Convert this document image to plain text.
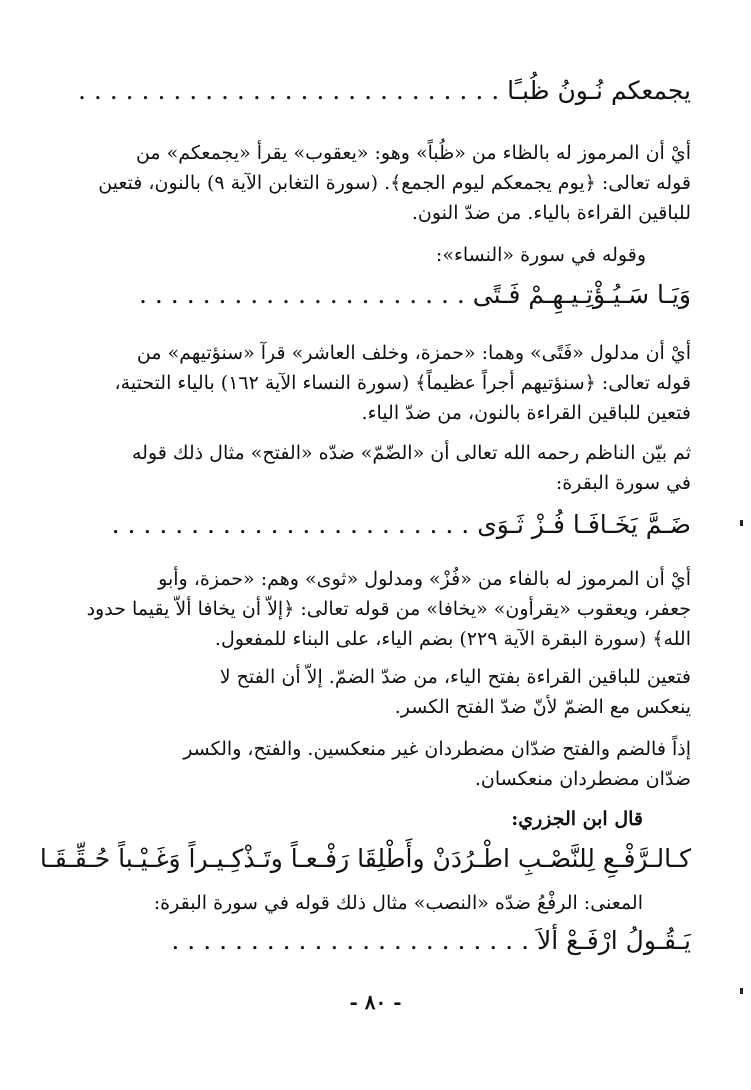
يجمعكم نُـونُ ظُبـًا . . . . . . . . . . . . . . . . . . . . . . . . . . .
أيْ أن المرموز له بالظاء من «ظُباً» وهو: «يعقوب» يقرأ «يجمعكم» من
قوله تعالى: ﴿يوم يجمعكم ليوم الجمع﴾. (سورة التغابن الآية ٩) بالنون، فتعين
للباقين القراءة بالياء. من ضدّ النون.
وقوله في سورة «النساء»:
وَيَـا سَـيُـؤْتِـيـهِـمْ فَـتًى . . . . . . . . . . . . . . . . . . . . .
أيْ أن مدلول «فَتًى» وهما: «حمزة، وخلف العاشر» قرآ «سنؤتيهم» من
قوله تعالى: ﴿سنؤتيهم أجراً عظيماً﴾ (سورة النساء الآية ١٦٢) بالياء التحتية،
فتعين للباقين القراءة بالنون، من ضدّ الياء.
ثم بيّن الناظم رحمه الله تعالى أن «الضّمّ» ضدّه «الفتح» مثال ذلك قوله
في سورة البقرة:
ضَـمَّ يَخَـافَـا فُـزْ ثَـوَى . . . . . . . . . . . . . . . . . . . . . . .
أيْ أن المرموز له بالفاء من «فُزْ» ومدلول «ثوى» وهم: «حمزة، وأبو
جعفر، ويعقوب «يقرأون» «يخافا» من قوله تعالى: ﴿إلاّ أن يخافا ألاّ يقيما حدود
الله﴾ (سورة البقرة الآية ٢٢٩) بضم الياء، على البناء للمفعول.
فتعين للباقين القراءة بفتح الياء، من ضدّ الضمّ. إلاّ أن الفتح لا
ينعكس مع الضمّ لأنّ ضدّ الفتح الكسر.
إذاً فالضم والفتح ضدّان مضطردان غير منعكسين. والفتح، والكسر
ضدّان مضطردان منعكسان.
قال ابن الجزري:
كـالـرَّفْـعِ لِلنَّصْـبِ اطْـرُدَنْ وأَطْلِقَا رَفْـعـاً وتَـذْكِـيـراً وَغَـيْـباً حُـقِّـقَـا
المعنى: الرفْعُ ضدّه «النصب» مثال ذلك قوله في سورة البقرة:
يَـقُـولُ ارْفَـعْ ألاَ . . . . . . . . . . . . . . . . . . . . . . .
- ٨٠ -
